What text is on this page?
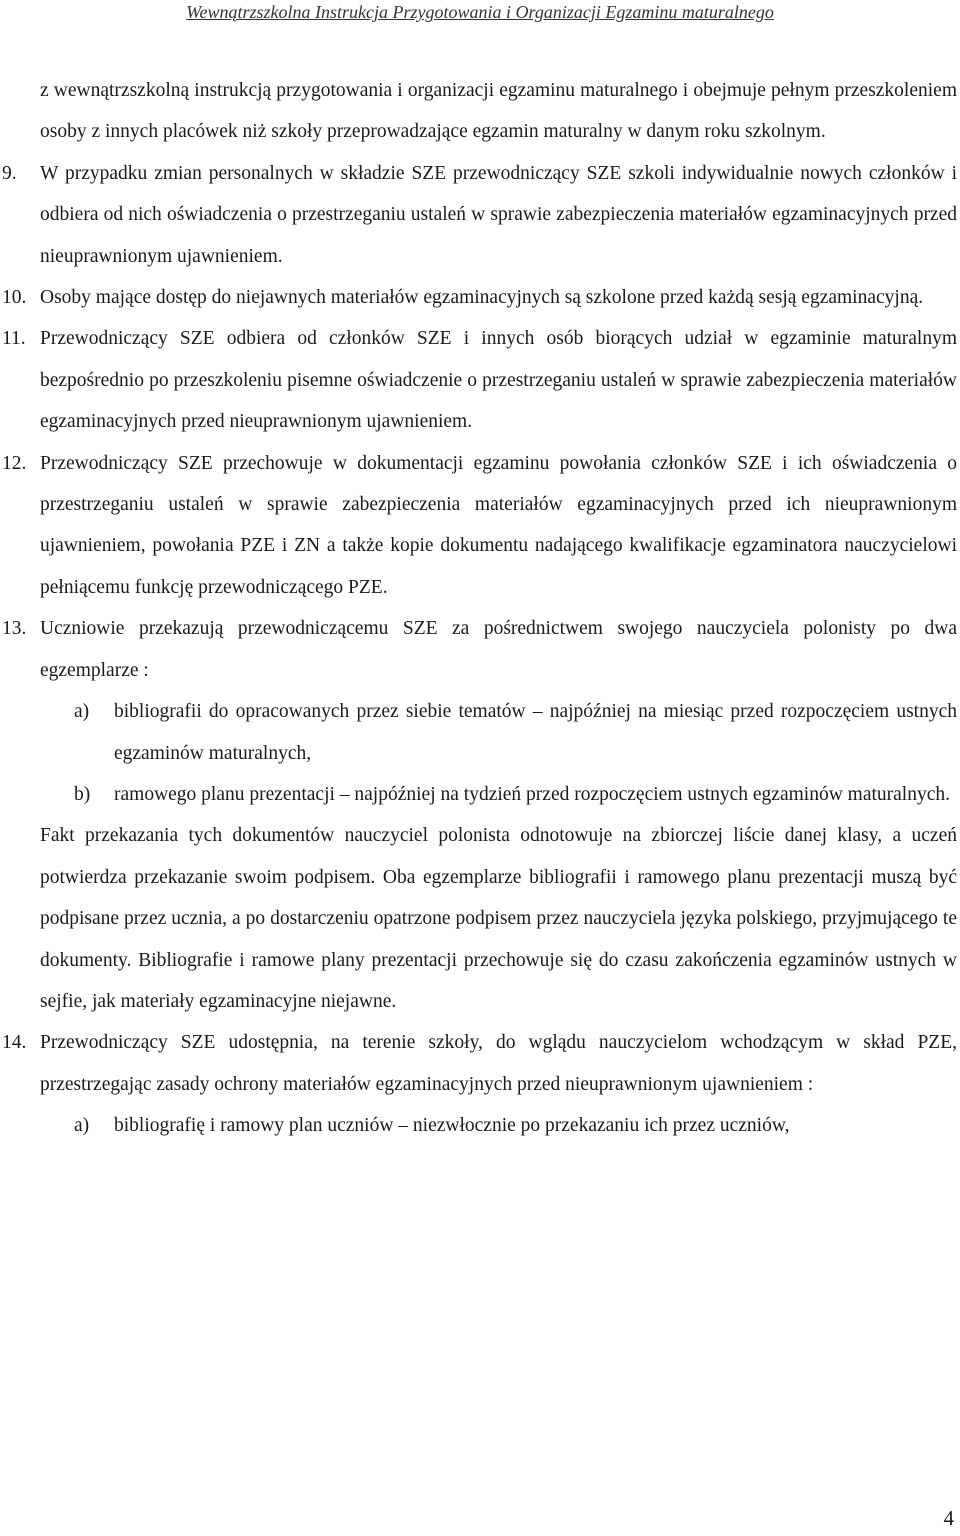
Wewnątrzszkolna Instrukcja Przygotowania i Organizacji Egzaminu maturalnego

z wewnątrzszkolną instrukcją przygotowania i organizacji egzaminu maturalnego i obejmuje pełnym przeszkoleniem osoby z innych placówek niż szkoły przeprowadzające egzamin maturalny w danym roku szkolnym.

9. W przypadku zmian personalnych w składzie SZE przewodniczący SZE szkoli indywidualnie nowych członków i odbiera od nich oświadczenia o przestrzeganiu ustaleń w sprawie zabezpieczenia materiałów egzaminacyjnych przed nieuprawnionym ujawnieniem.
10. Osoby mające dostęp do niejawnych materiałów egzaminacyjnych są szkolone przed każdą sesją egzaminacyjną.
11. Przewodniczący SZE odbiera od członków SZE i innych osób biorących udział w egzaminie maturalnym bezpośrednio po przeszkoleniu pisemne oświadczenie o przestrzeganiu ustaleń w sprawie zabezpieczenia materiałów egzaminacyjnych przed nieuprawnionym ujawnieniem.
12. Przewodniczący SZE przechowuje w dokumentacji egzaminu powołania członków SZE i ich oświadczenia o przestrzeganiu ustaleń w sprawie zabezpieczenia materiałów egzaminacyjnych przed ich nieuprawnionym ujawnieniem, powołania PZE i ZN a także kopie dokumentu nadającego kwalifikacje egzaminatora nauczycielowi pełniącemu funkcję przewodniczącego PZE.
13. Uczniowie przekazują przewodniczącemu SZE za pośrednictwem swojego nauczyciela polonisty po dwa egzemplarze :
a) bibliografii do opracowanych przez siebie tematów – najpóźniej na miesiąc przed rozpoczęciem ustnych egzaminów maturalnych,
b) ramowego planu prezentacji – najpóźniej na tydzień przed rozpoczęciem ustnych egzaminów maturalnych.

Fakt przekazania tych dokumentów nauczyciel polonista odnotowuje na zbiorczej liście danej klasy, a uczeń potwierdza przekazanie swoim podpisem. Oba egzemplarze bibliografii i ramowego planu prezentacji muszą być podpisane przez ucznia, a po dostarczeniu opatrzone podpisem przez nauczyciela języka polskiego, przyjmującego te dokumenty. Bibliografie i ramowe plany prezentacji przechowuje się do czasu zakończenia egzaminów ustnych w sejfie, jak materiały egzaminacyjne niejawne.

14. Przewodniczący SZE udostępnia, na terenie szkoły, do wglądu nauczycielom wchodzącym w skład PZE, przestrzegając zasady ochrony materiałów egzaminacyjnych przed nieuprawnionym ujawnieniem :
a) bibliografię i ramowy plan uczniów – niezwłocznie po przekazaniu ich przez uczniów,
4
